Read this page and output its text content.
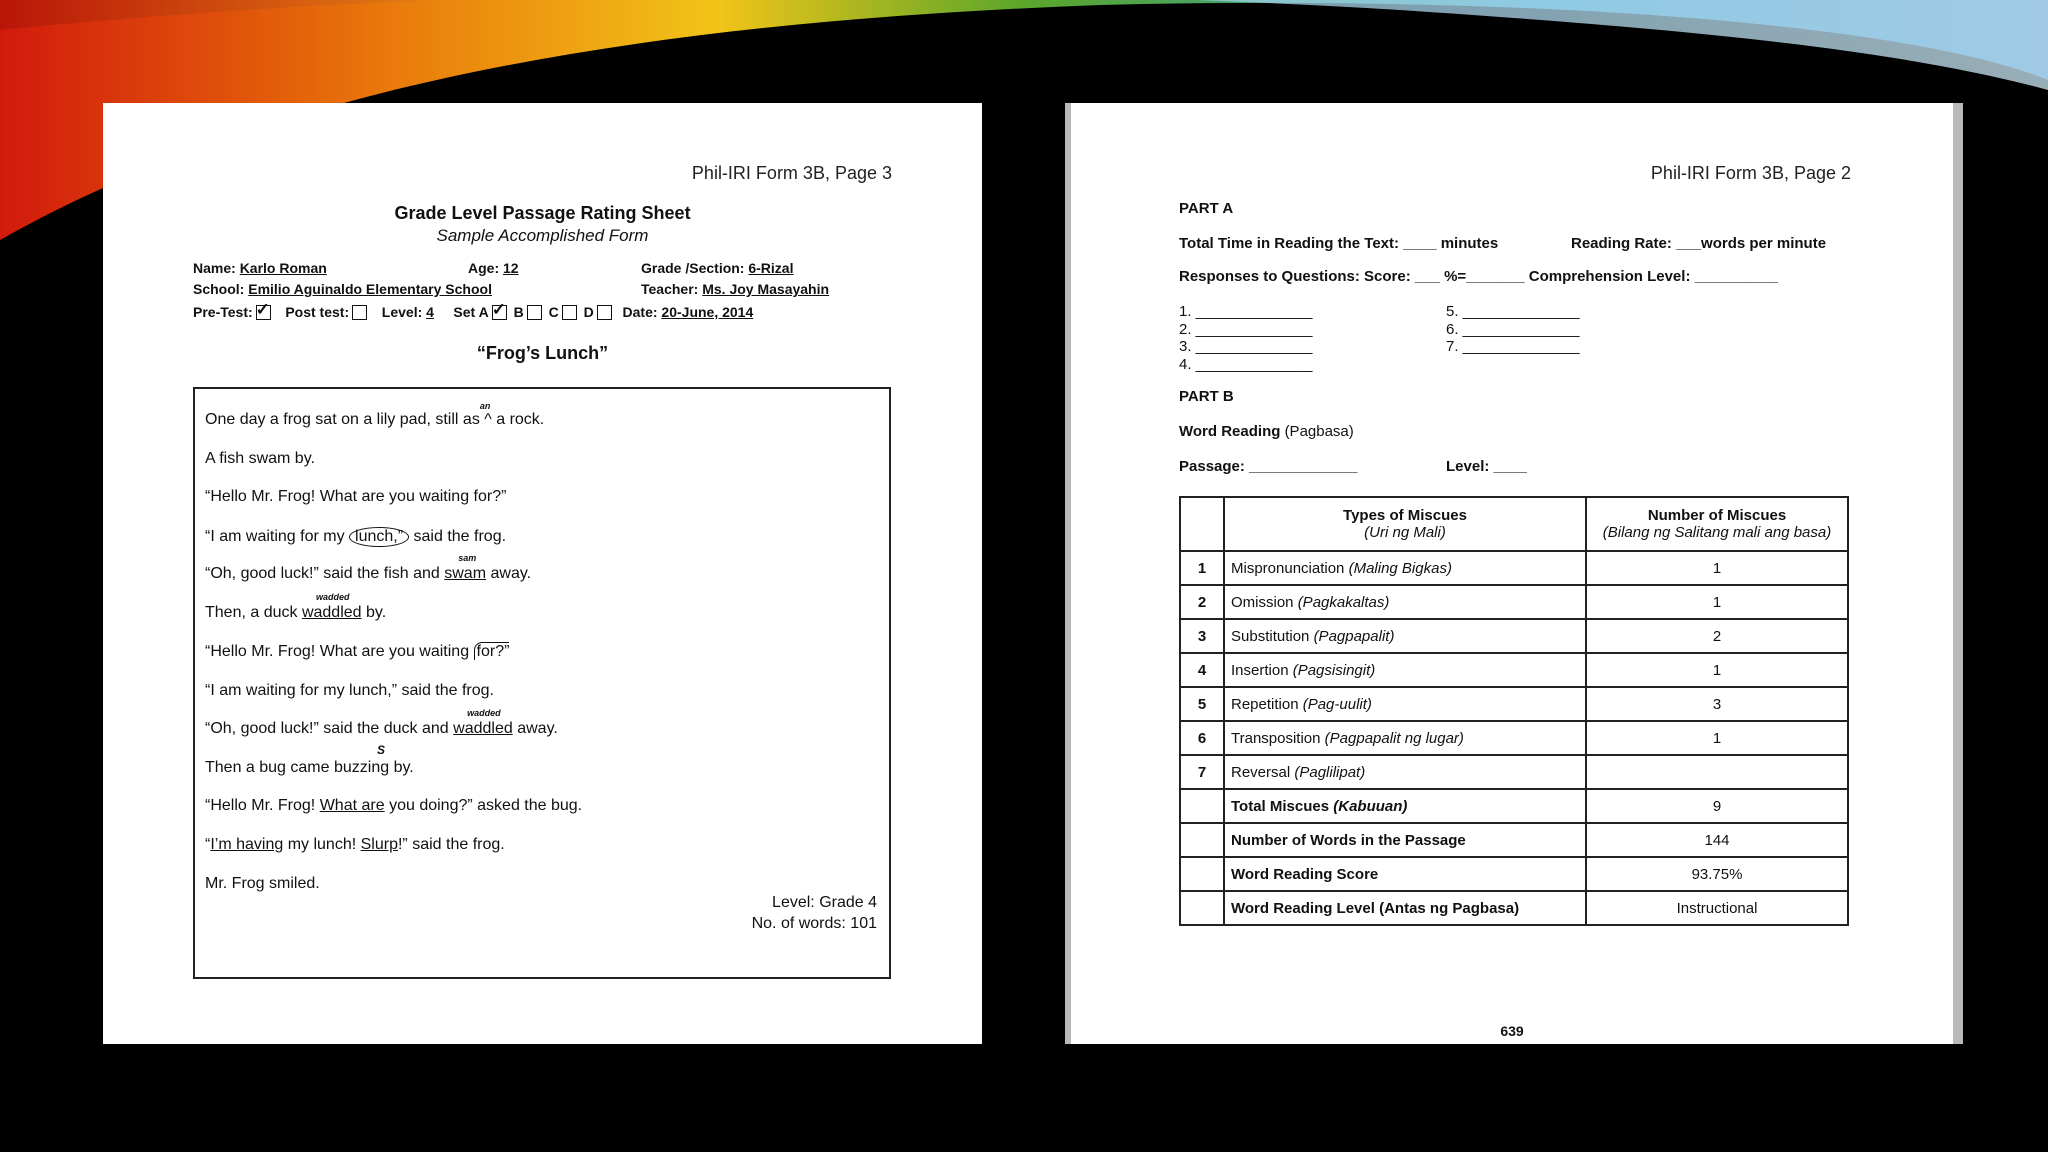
Phil-IRI Form 3B, Page 3
Grade Level Passage Rating Sheet
Sample Accomplished Form
Name: Karlo Roman	Age: 12	Grade /Section: 6-Rizal
School: Emilio Aguinaldo Elementary School	Teacher: Ms. Joy Masayahin
Pre-Test: ✓ Post test: Level: 4 Set A ✓ B C D Date: 20-June, 2014
“Frog’s Lunch”
One day a frog sat on a lily pad, still as
an
^ a rock.
A fish swam by.
“Hello Mr. Frog! What are you waiting for?”
“I am waiting for my lunch,” said the frog.
“Oh, good luck!” said the fish and
sam
swam away.
Then, a duck
wadded
waddled by.
“Hello Mr. Frog! What are you waiting for?”
“I am waiting for my lunch,” said the frog.
“Oh, good luck!” said the duck and
wadded
waddled away.
S
Then a bug came buzzing by.
“Hello Mr. Frog! What are you doing?” asked the bug.
“I’m having my lunch! Slurp!” said the frog.
Mr. Frog smiled.
Level: Grade 4
No. of words: 101
Phil-IRI Form 3B, Page 2
PART A
Total Time in Reading the Text: ____ minutes	Reading Rate: ___words per minute
Responses to Questions: Score: ___ %=_______ Comprehension Level: __________
1. ______________
2. ______________
3. ______________
4. ______________
5. ______________
6. ______________
7. ______________
PART B
Word Reading (Pagbasa)
Passage: _____________	Level: ____
	Types of Miscues
(Uri ng Mali)	Number of Miscues
(Bilang ng Salitang mali ang basa)
1	Mispronunciation (Maling Bigkas)	1
2	Omission (Pagkakaltas)	1
3	Substitution (Pagpapalit)	2
4	Insertion (Pagsisingit)	1
5	Repetition (Pag-uulit)	3
6	Transposition (Pagpapalit ng lugar)	1
7	Reversal (Paglilipat)	
	Total Miscues (Kabuuan)	9
	Number of Words in the Passage	144
	Word Reading Score	93.75%
	Word Reading Level (Antas ng Pagbasa)	Instructional
639
